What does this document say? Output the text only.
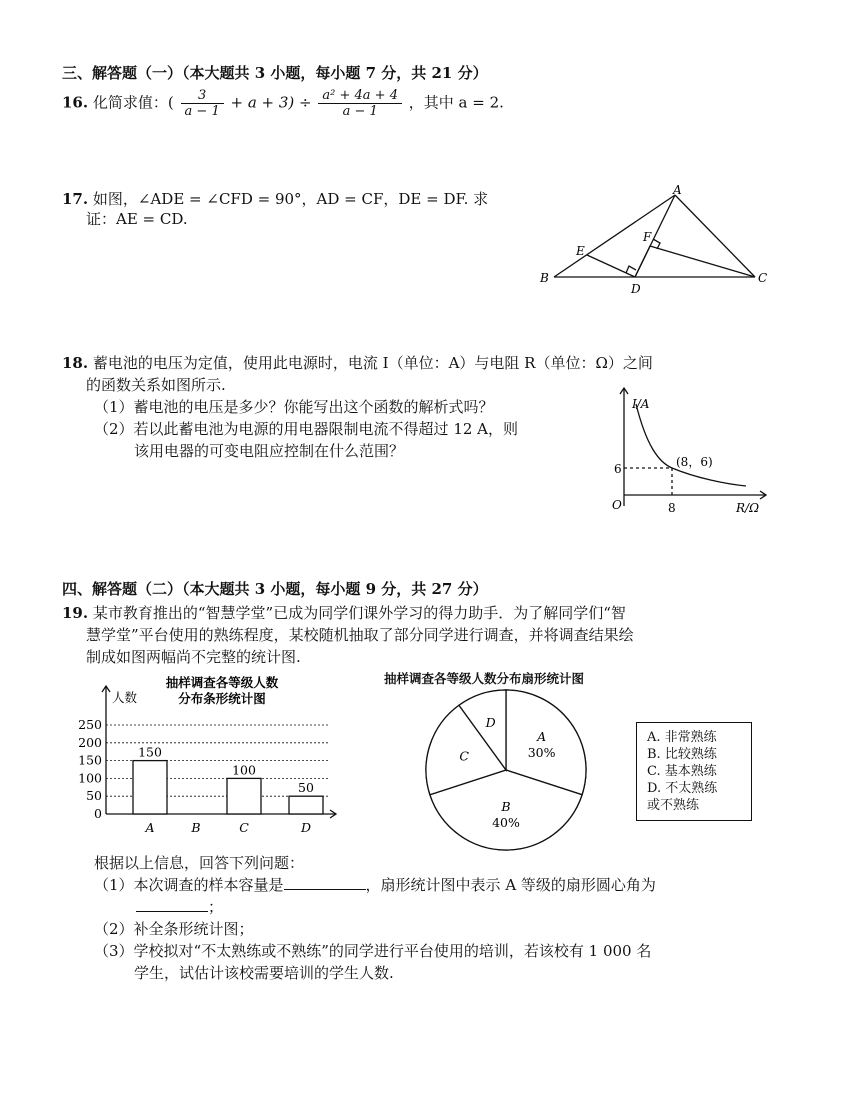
三、解答题（一）（本大题共 3 小题，每小题 7 分，共 21 分）
16. 化简求值：( $\frac{3}{a - 1} + a + 3) \div \frac{\text{a² + 4a + 4}}{a - 1}$ ，其中 a = 2.
17. 如图，∠ADE = ∠CFD = 90°，AD = CF，DE = DF. 求
证：AE = CD.
A
B	C
D
E
F
18. 蓄电池的电压为定值，使用此电源时，电流 I（单位：A）与电阻 R（单位：Ω）之间
的函数关系如图所示.
（1）蓄电池的电压是多少？你能写出这个函数的解析式吗？
（2）若以此蓄电池为电源的用电器限制电流不得超过 12 A，则
该用电器的可变电阻应控制在什么范围？
I/A
R/Ω
O	8
6	(8，6)
四、解答题（二）（本大题共 3 小题，每小题 9 分，共 27 分）
19. 某市教育推出的“智慧学堂”已成为同学们课外学习的得力助手．为了解同学们“智
慧学堂”平台使用的熟练程度，某校随机抽取了部分同学进行调查，并将调查结果绘
制成如图两幅尚不完整的统计图.
抽样调查各等级人数
分布条形统计图
人数
0
50
100
150
200
250
A
150
B	C
100
D
50
抽样调查各等级人数分布扇形统计图
A
30%
B
40%
C
D
A. 非常熟练
B. 比较熟练
C. 基本熟练
D. 不太熟练
或不熟练
根据以上信息，回答下列问题：
（1）本次调查的样本容量是	，扇形统计图中表示 A 等级的扇形圆心角为
；
（2）补全条形统计图；
（3）学校拟对“不太熟练或不熟练”的同学进行平台使用的培训，若该校有 1 000 名
学生，试估计该校需要培训的学生人数.
